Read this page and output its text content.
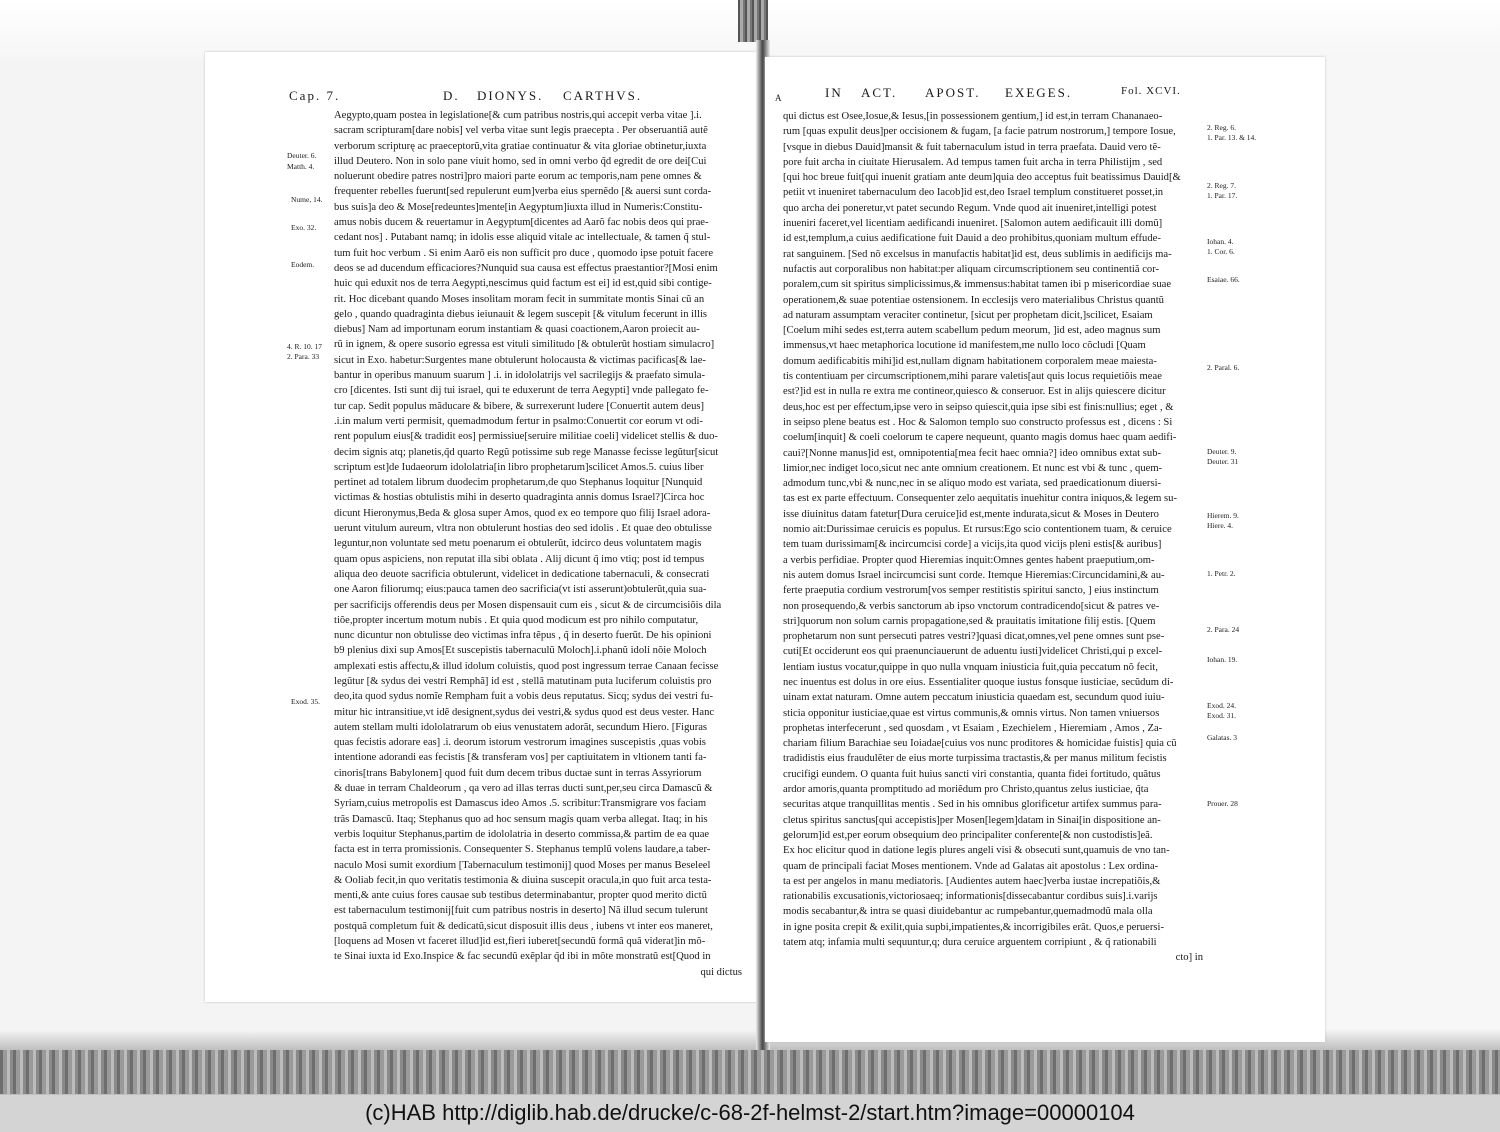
Cap. 7.	D. DIONYS. CARTHVS.
Deuter. 6.
Matth. 4.
Nume, 14.
Exo. 32.
Eodem.
4. R. 10. 17
2. Para. 33
Exod. 35.

Aegypto,quam postea in legislatione[& cum patribus nostris,qui accepit verba vitae ].i.

sacram scripturam[dare nobis] vel verba vitae sunt legis praecepta . Per obseruantiã autẽ

verborum scripturę ac praeceptorũ,vita gratiae continuatur & vita gloriae obtinetur,iuxta

illud Deutero. Non in solo pane viuit homo, sed in omni verbo q̃d egredit de ore dei[Cui

noluerunt obedire patres nostri]pro maiori parte eorum ac temporis,nam pene omnes &

frequenter rebelles fuerunt[sed repulerunt eum]verba eius spernẽdo [& auersi sunt corda-

bus suis]a deo & Mose[redeuntes]mente[in Aegyptum]iuxta illud in Numeris:Constitu-

amus nobis ducem & reuertamur in Aegyptum[dicentes ad Aarõ fac nobis deos qui prae-

cedant nos] . Putabant namq; in idolis esse aliquid vitale ac intellectuale, & tamen q̃ stul-

tum fuit hoc verbum . Si enim Aarõ eis non sufficit pro duce , quomodo ipse potuit facere

deos se ad ducendum efficaciores?Nunquid sua causa est effectus praestantior?[Mosi enim

huic qui eduxit nos de terra Aegypti,nescimus quid factum est ei] id est,quid sibi contige-

rit. Hoc dicebant quando Moses insolitam moram fecit in summitate montis Sinai cũ an

gelo , quando quadraginta diebus ieiunauit & legem suscepit [& vitulum fecerunt in illis

diebus] Nam ad importunam eorum instantiam & quasi coactionem,Aaron proiecit au-

rũ in ignem, & opere susorio egressa est vituli similitudo [& obtulerũt hostiam simulacro]

sicut in Exo. habetur:Surgentes mane obtulerunt holocausta & victimas pacificas[& lae-

bantur in operibus manuum suarum ] .i. in idololatrijs vel sacrilegijs & praefato simula-

cro [dicentes. Isti sunt dij tui israel, qui te eduxerunt de terra Aegypti] vnde pallegato fe-

tur cap. Sedit populus mãducare & bibere, & surrexerunt ludere [Conuertit autem deus]

.i.in malum verti permisit, quemadmodum fertur in psalmo:Conuertit cor eorum vt odi-

rent populum eius[& tradidit eos] permissiue[seruire militiae coeli] videlicet stellis & duo-

decim signis atq; planetis,q̃d quarto Regũ potissime sub rege Manasse fecisse legũtur[sicut

scriptum est]de Iudaeorum idololatria[in libro prophetarum]scilicet Amos.5. cuius liber

pertinet ad totalem librum duodecim prophetarum,de quo Stephanus loquitur [Nunquid

victimas & hostias obtulistis mihi in deserto quadraginta annis domus Israel?]Circa hoc

dicunt Hieronymus,Beda & glosa super Amos, quod ex eo tempore quo filij Israel adora-

uerunt vitulum aureum, vltra non obtulerunt hostias deo sed idolis . Et quae deo obtulisse

leguntur,non voluntate sed metu poenarum ei obtulerũt, idcirco deus voluntatem magis

quam opus aspiciens, non reputat illa sibi oblata . Alij dicunt q̃ imo vtiq; post id tempus

aliqua deo deuote sacrificia obtulerunt, videlicet in dedicatione tabernaculi, & consecrati

one Aaron filiorumq; eius:pauca tamen deo sacrificia(vt isti asserunt)obtulerũt,quia sua-

per sacrificijs offerendis deus per Mosen dispensauit cum eis , sicut & de circumcisiõis dila

tiõe,propter incertum motum nubis . Et quia quod modicum est pro nihilo computatur,

nunc dicuntur non obtulisse deo victimas infra tẽpus , q̃ in deserto fuerũt. De his opinioni

b9 plenius dixi sup Amos[Et suscepistis tabernaculũ Moloch].i.phanũ idoli nõie Moloch

amplexati estis affectu,& illud idolum coluistis, quod post ingressum terrae Canaan fecisse

legũtur [& sydus dei vestri Remphã] id est , stellã matutinam puta luciferum coluistis pro

deo,ita quod sydus nomĩe Rempham fuit a vobis deus reputatus. Sicq; sydus dei vestri fu-

mitur hic intransitiue,vt idẽ designent,sydus dei vestri,& sydus quod est deus vester. Hanc

autem stellam multi idololatrarum ob eius venustatem adorãt, secundum Hiero. [Figuras

quas fecistis adorare eas] .i. deorum istorum vestrorum imagines suscepistis ,quas vobis

intentione adorandi eas fecistis [& transferam vos] per captiuitatem in vltionem tanti fa-

cinoris[trans Babylonem] quod fuit dum decem tribus ductae sunt in terras Assyriorum

& duae in terram Chaldeorum , qa vero ad illas terras ducti sunt,per,seu circa Damascũ &

Syriam,cuius metropolis est Damascus ideo Amos .5. scribitur:Transmigrare vos faciam

trãs Damascũ. Itaq; Stephanus quo ad hoc sensum magis quam verba allegat. Itaq; in his

verbis loquitur Stephanus,partim de idololatria in deserto commissa,& partim de ea quae

facta est in terra promissionis. Consequenter S. Stephanus templũ volens laudare,a taber-

naculo Mosi sumit exordium [Tabernaculum testimonij] quod Moses per manus Beseleel

& Ooliab fecit,in quo veritatis testimonia & diuina suscepit oracula,in quo fuit arca testa-

menti,& ante cuius fores causae sub testibus determinabantur, propter quod merito dictũ

est tabernaculum testimonij[fuit cum patribus nostris in deserto] Nã illud secum tulerunt

postquã completum fuit & dedicatũ,sicut disposuit illis deus , iubens vt inter eos maneret,

[loquens ad Mosen vt faceret illud]id est,fieri iuberet[secundũ formã quã viderat]in mõ-

te Sinai iuxta id Exo.Inspice & fac secundũ exẽplar q̃d ibi in mõte monstratũ est[Quod in

qui dictus

A	IN ACT. APOST. EXEGES.	Fol. XCVI.

qui dictus est Osee,Iosue,& Iesus,[in possessionem gentium,] id est,in terram Chananaeo-

rum [quas expulit deus]per occisionem & fugam, [a facie patrum nostrorum,] tempore Iosue,

[vsque in diebus Dauid]mansit & fuit tabernaculum istud in terra praefata. Dauid vero tẽ-

pore fuit archa in ciuitate Hierusalem. Ad tempus tamen fuit archa in terra Philistijm , sed

[qui hoc breue fuit[qui inuenit gratiam ante deum]quia deo acceptus fuit beatissimus Dauid[&

petiit vt inueniret tabernaculum deo Iacob]id est,deo Israel templum constitueret posset,in

quo archa dei poneretur,vt patet secundo Regum. Vnde quod ait inueniret,intelligi potest

inueniri faceret,vel licentiam aedificandi inueniret. [Salomon autem aedificauit illi domũ]

id est,templum,a cuius aedificatione fuit Dauid a deo prohibitus,quoniam multum effude-

rat sanguinem. [Sed nõ excelsus in manufactis habitat]id est, deus sublimis in aedificijs ma-

nufactis aut corporalibus non habitat:per aliquam circumscriptionem seu continentiã cor-

poralem,cum sit spiritus simplicissimus,& immensus:habitat tamen ibi p misericordiae suae

operationem,& suae potentiae ostensionem. In ecclesijs vero materialibus Christus quantũ

ad naturam assumptam veraciter continetur, [sicut per prophetam dicit,]scilicet, Esaiam

[Coelum mihi sedes est,terra autem scabellum pedum meorum, ]id est, adeo magnus sum

immensus,vt haec metaphorica locutione id manifestem,me nullo loco cõcludi [Quam

domum aedificabitis mihi]id est,nullam dignam habitationem corporalem meae maiesta-

tis contentiuam per circumscriptionem,mihi parare valetis[aut quis locus requietiõis meae

est?]id est in nulla re extra me contineor,quiesco & conseruor. Est in alijs quiescere dicitur

deus,hoc est per effectum,ipse vero in seipso quiescit,quia ipse sibi est finis:nullius; eget , &

in seipso plene beatus est . Hoc & Salomon templo suo constructo professus est , dicens : Si

coelum[inquit] & coeli coelorum te capere nequeunt, quanto magis domus haec quam aedifi-

caui?[Nonne manus]id est, omnipotentia[mea fecit haec omnia?] ideo omnibus extat sub-

limior,nec indiget loco,sicut nec ante omnium creationem. Et nunc est vbi & tunc , quem-

admodum tunc,vbi & nunc,nec in se aliquo modo est variata, sed praedicationum diuersi-

tas est ex parte effectuum. Consequenter zelo aequitatis inuehitur contra iniquos,& legem su-

isse diuinitus datam fatetur[Dura ceruice]id est,mente indurata,sicut & Moses in Deutero

nomio ait:Durissimae ceruicis es populus. Et rursus:Ego scio contentionem tuam, & ceruice

tem tuam durissimam[& incircumcisi corde] a vicijs,ita quod vicijs pleni estis[& auribus]

a verbis perfidiae. Propter quod Hieremias inquit:Omnes gentes habent praeputium,om-

nis autem domus Israel incircumcisi sunt corde. Itemque Hieremias:Circuncidamini,& au-

ferte praeputia cordium vestrorum[vos semper restitistis spiritui sancto, ] eius instinctum

non prosequendo,& verbis sanctorum ab ipso vnctorum contradicendo[sicut & patres ve-

stri]quorum non solum carnis propagatione,sed & prauitatis imitatione filij estis. [Quem

prophetarum non sunt persecuti patres vestri?]quasi dicat,omnes,vel pene omnes sunt pse-

cuti[Et occiderunt eos qui praenunciauerunt de aduentu iusti]videlicet Christi,qui p excel-

lentiam iustus vocatur,quippe in quo nulla vnquam iniusticia fuit,quia peccatum nõ fecit,

nec inuentus est dolus in ore eius. Essentialiter quoque iustus fonsque iusticiae, secũdum di-

uinam extat naturam. Omne autem peccatum iniusticia quaedam est, secundum quod iuiu-

sticia opponitur iusticiae,quae est virtus communis,& omnis virtus. Non tamen vniuersos

prophetas interfecerunt , sed quosdam , vt Esaiam , Ezechielem , Hieremiam , Amos , Za-

chariam filium Barachiae seu Ioiadae[cuius vos nunc proditores & homicidae fuistis] quia cũ

tradidistis eius fraudulẽter de eius morte turpissima tractastis,& per manus militum fecistis

crucifigi eundem. O quanta fuit huius sancti viri constantia, quanta fidei fortitudo, quãtus

ardor amoris,quanta promptitudo ad moriẽdum pro Christo,quantus zelus iusticiae, q̃ta

securitas atque tranquillitas mentis . Sed in his omnibus glorificetur artifex summus para-

cletus spiritus sanctus[qui accepistis]per Mosen[legem]datam in Sinai[in dispositione an-

gelorum]id est,per eorum obsequium deo principaliter conferente[& non custodistis]eã.

Ex hoc elicitur quod in datione legis plures angeli visi & obsecuti sunt,quamuis de vno tan-

quam de principali faciat Moses mentionem. Vnde ad Galatas ait apostolus : Lex ordina-

ta est per angelos in manu mediatoris. [Audientes autem haec]verba iustae increpatiõis,&

rationabilis excusationis,victoriosaeq; informationis[dissecabantur cordibus suis].i.varijs

modis secabantur,& intra se quasi diuidebantur ac rumpebantur,quemadmodũ mala olla

in igne posita crepit & exilit,quia supbi,impatientes,& incorrigibiles erãt. Quos,e peruersi-

tatem atq; infamia multi sequuntur,q; dura ceruice arguentem corripiunt , & q̃ rationabili

cto] in

2. Reg. 6.
1. Par. 13. & 14.
2. Reg. 7.
1. Par. 17.
Iohan. 4.
1. Cor. 6.
Esaiae. 66.
2. Paral. 6.
Deuter. 9.
Deuter. 31
Hierem. 9.
Hiere. 4.
1. Petr. 2.
2. Para. 24
Iohan. 19.
Exod. 24.
Exod. 31.
Galatas. 3
Prouer. 28
(c)HAB http://diglib.hab.de/drucke/c-68-2f-helmst-2/start.htm?image=00000104
